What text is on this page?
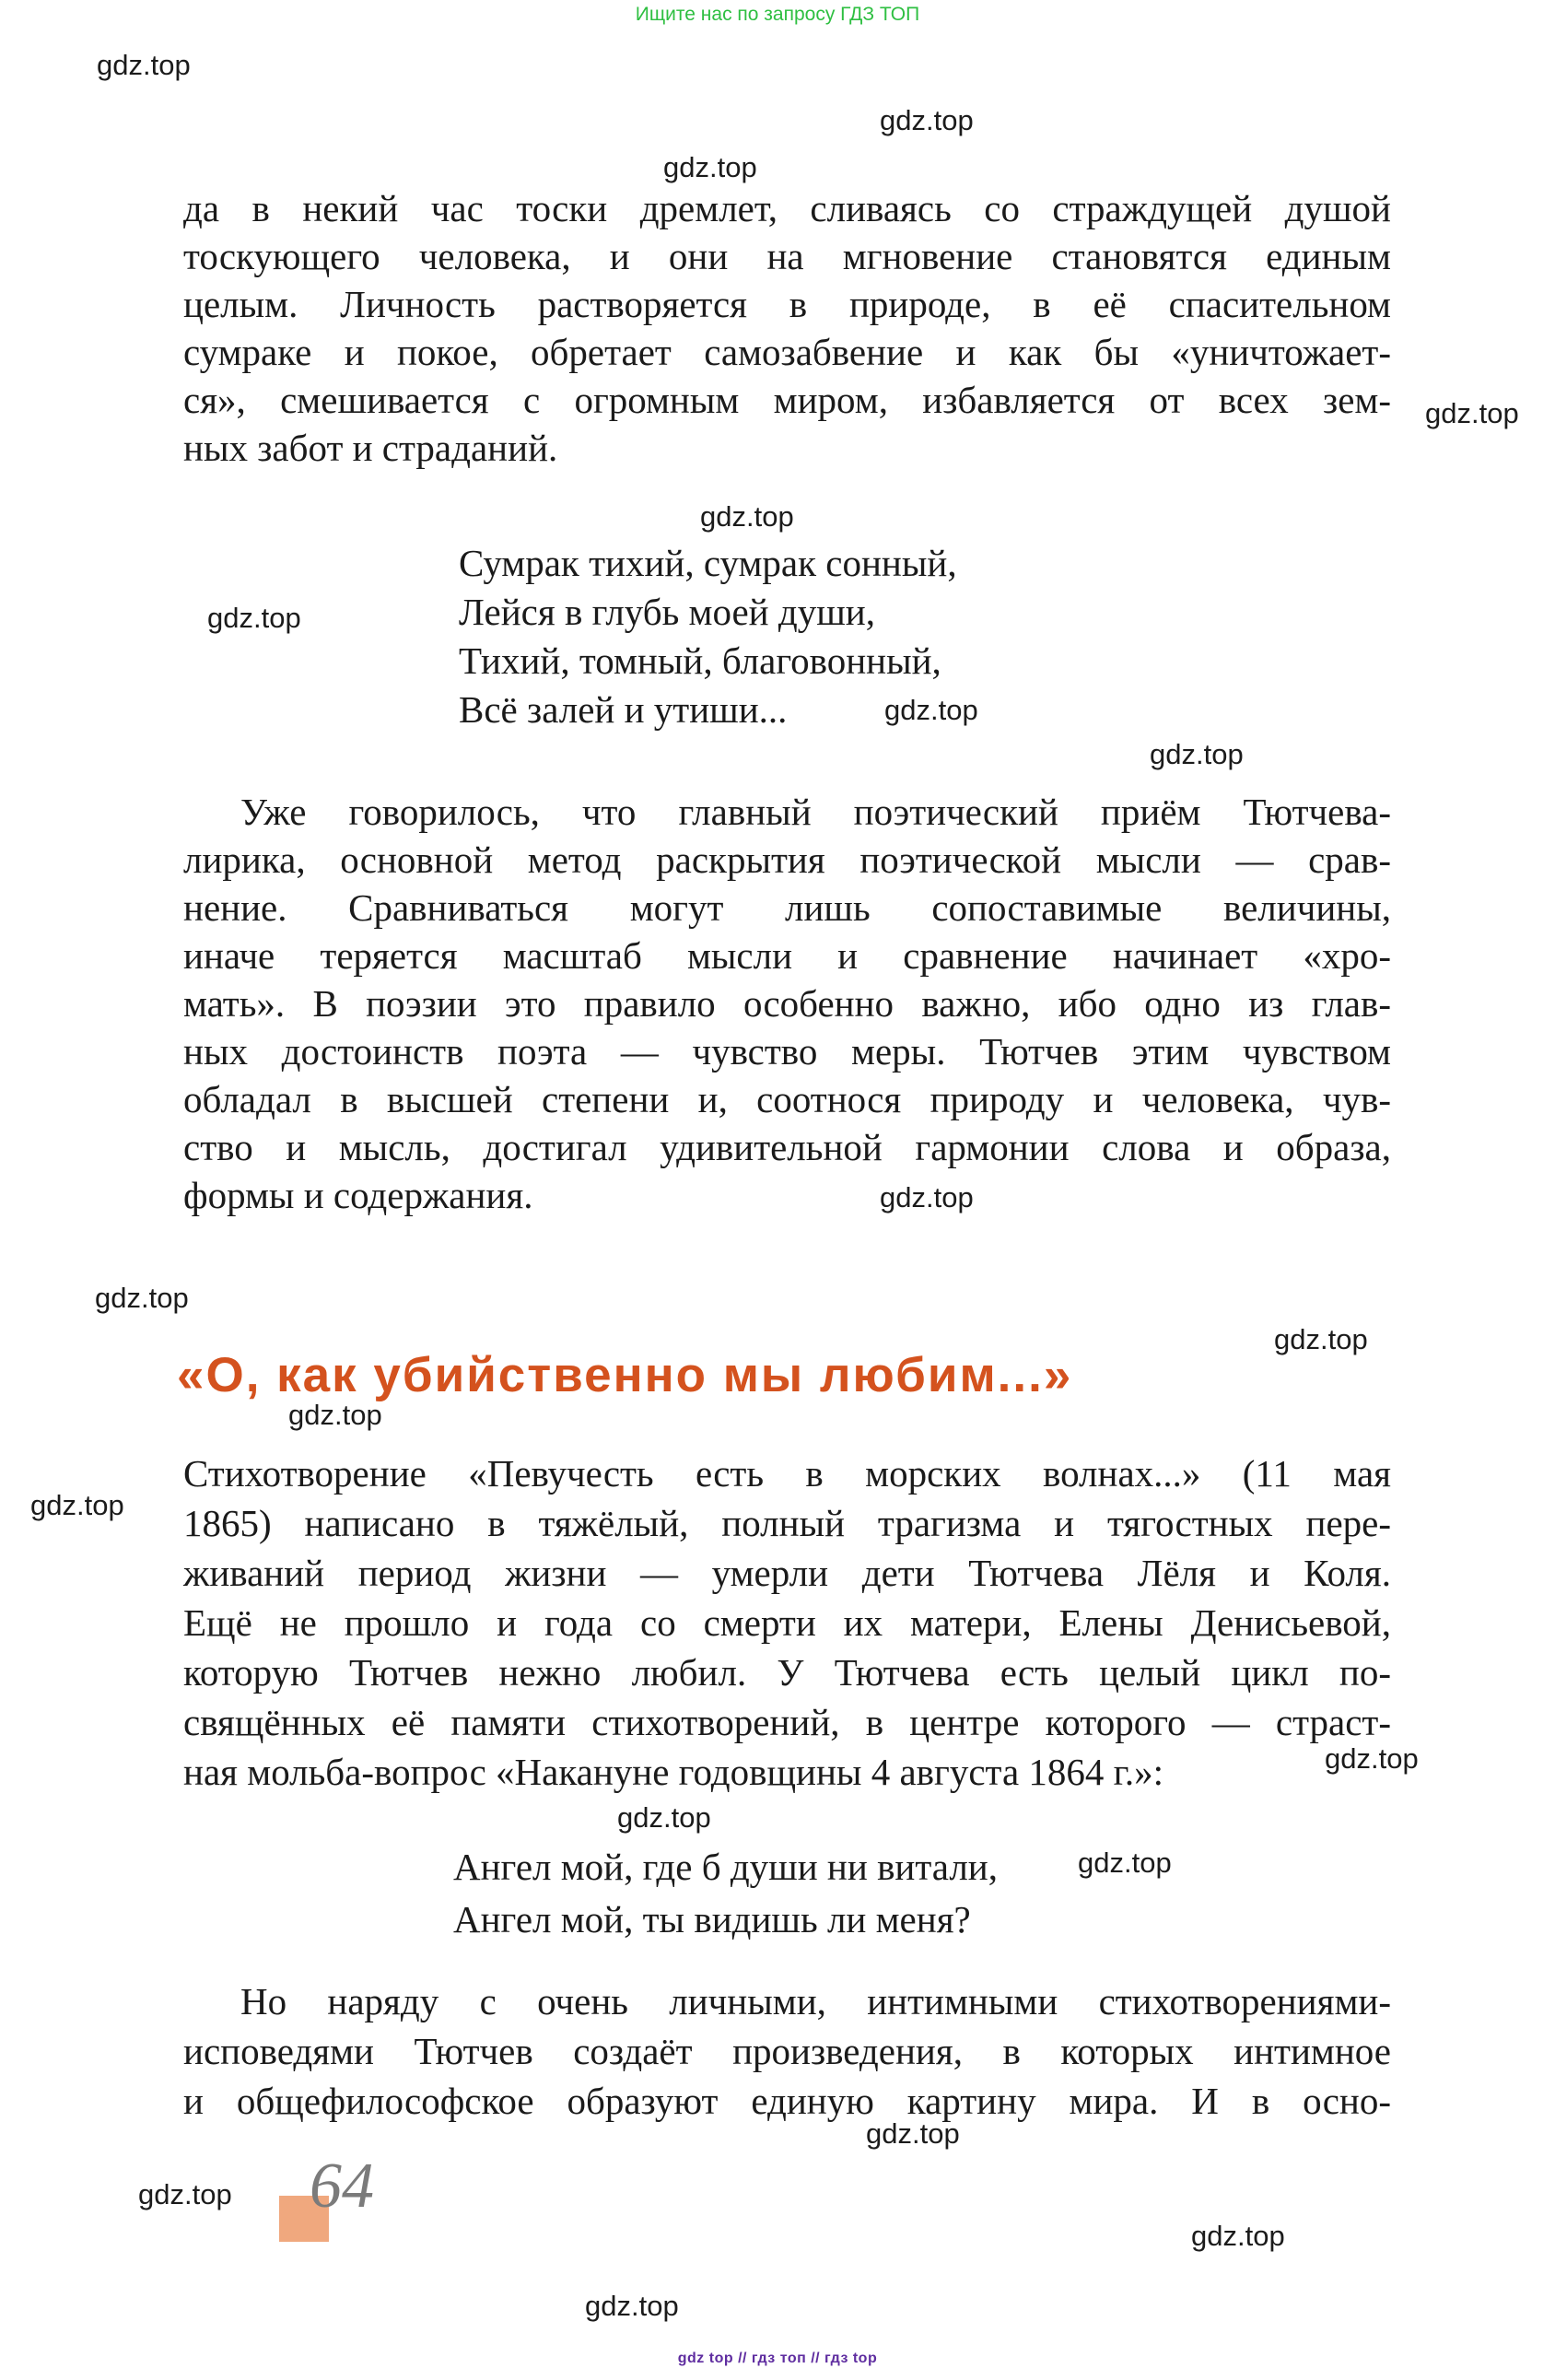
Ищите нас по запросу ГДЗ ТОП
да в некий час тоски дремлет, сливаясь со страждущей душой
тоскующего человека, и они на мгновение становятся единым
целым. Личность растворяется в природе, в её спасительном
сумраке и покое, обретает самозабвение и как бы «уничтожает-
ся», смешивается с огромным миром, избавляется от всех зем-
ных забот и страданий.
Сумрак тихий, сумрак сонный,
Лейся в глубь моей души,
Тихий, томный, благовонный,
Всё залей и утиши...
Уже говорилось, что главный поэтический приём Тютчева-
лирика, основной метод раскрытия поэтической мысли — срав-
нение. Сравниваться могут лишь сопоставимые величины,
иначе теряется масштаб мысли и сравнение начинает «хро-
мать». В поэзии это правило особенно важно, ибо одно из глав-
ных достоинств поэта — чувство меры. Тютчев этим чувством
обладал в высшей степени и, соотнося природу и человека, чув-
ство и мысль, достигал удивительной гармонии слова и образа,
формы и содержания.
«О, как убийственно мы любим...»
Стихотворение «Певучесть есть в морских волнах...» (11 мая
1865) написано в тяжёлый, полный трагизма и тягостных пере-
живаний период жизни — умерли дети Тютчева Лёля и Коля.
Ещё не прошло и года со смерти их матери, Елены Денисьевой,
которую Тютчев нежно любил. У Тютчева есть целый цикл по-
свящённых её памяти стихотворений, в центре которого — страст-
ная мольба-вопрос «Накануне годовщины 4 августа 1864 г.»:
Ангел мой, где б души ни витали,
Ангел мой, ты видишь ли меня?
Но наряду с очень личными, интимными стихотворениями-
исповедями Тютчев создаёт произведения, в которых интимное
и общефилософское образуют единую картину мира. И в осно-
64
gdz top // гдз топ // гдз top
gdz.top
gdz.top
gdz.top
gdz.top
gdz.top
gdz.top
gdz.top
gdz.top
gdz.top
gdz.top
gdz.top
gdz.top
gdz.top
gdz.top
gdz.top
gdz.top
gdz.top
gdz.top
gdz.top
gdz.top
